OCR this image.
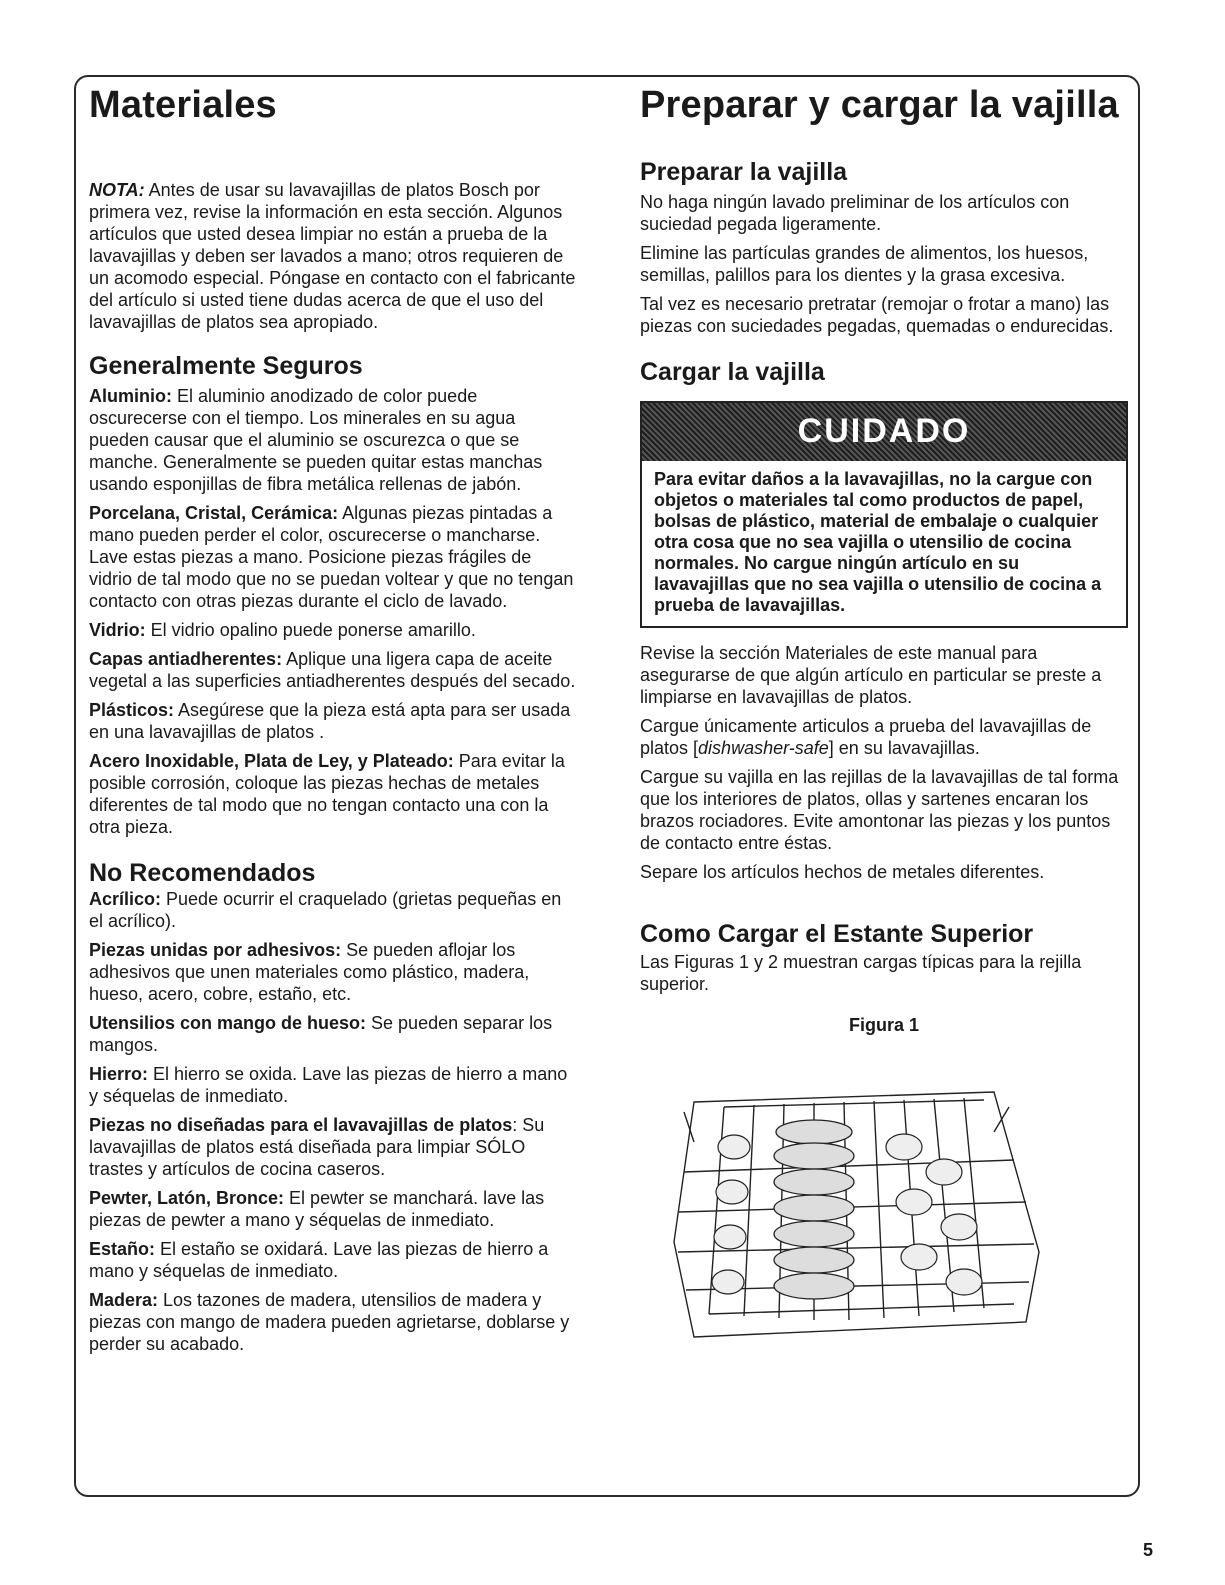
Materiales

NOTA: Antes de usar su lavavajillas de platos Bosch por primera vez, revise la información en esta sección. Algunos artículos que usted desea limpiar no están a prueba de la lavavajillas y deben ser lavados a mano; otros requieren de un acomodo especial. Póngase en contacto con el fabricante del artículo si usted tiene dudas acerca de que el uso del lavavajillas de platos sea apropiado.

Generalmente Seguros

Aluminio: El aluminio anodizado de color puede oscurecerse con el tiempo. Los minerales en su agua pueden causar que el aluminio se oscurezca o que se manche. Generalmente se pueden quitar estas manchas usando esponjillas de fibra metálica rellenas de jabón.

Porcelana, Cristal, Cerámica: Algunas piezas pintadas a mano pueden perder el color, oscurecerse o mancharse. Lave estas piezas a mano. Posicione piezas frágiles de vidrio de tal modo que no se puedan voltear y que no tengan contacto con otras piezas durante el ciclo de lavado.

Vidrio: El vidrio opalino puede ponerse amarillo.

Capas antiadherentes: Aplique una ligera capa de aceite vegetal a las superficies antiadherentes después del secado.

Plásticos: Asegúrese que la pieza está apta para ser usada en una lavavajillas de platos .

Acero Inoxidable, Plata de Ley, y Plateado: Para evitar la posible corrosión, coloque las piezas hechas de metales diferentes de tal modo que no tengan contacto una con la otra pieza.

No Recomendados

Acrílico: Puede ocurrir el craquelado (grietas pequeñas en el acrílico).

Piezas unidas por adhesivos: Se pueden aflojar los adhesivos que unen materiales como plástico, madera, hueso, acero, cobre, estaño, etc.

Utensilios con mango de hueso: Se pueden separar los mangos.

Hierro: El hierro se oxida. Lave las piezas de hierro a mano y séquelas de inmediato.

Piezas no diseñadas para el lavavajillas de platos: Su lavavajillas de platos está diseñada para limpiar SÓLO trastes y artículos de cocina caseros.

Pewter, Latón, Bronce: El pewter se manchará. lave las piezas de pewter a mano y séquelas de inmediato.

Estaño: El estaño se oxidará. Lave las piezas de hierro a mano y séquelas de inmediato.

Madera: Los tazones de madera, utensilios de madera y piezas con mango de madera pueden agrietarse, doblarse y perder su acabado.

Preparar y cargar la vajilla
Preparar la vajilla

No haga ningún lavado preliminar de los artículos con suciedad pegada ligeramente.

Elimine las partículas grandes de alimentos, los huesos, semillas, palillos para los dientes y la grasa excesiva.

Tal vez es necesario pretratar (remojar o frotar a mano) las piezas con suciedades pegadas, quemadas o endurecidas.

Cargar la vajilla
CUIDADO
Para evitar daños a la lavavajillas, no la cargue con objetos o materiales tal como productos de papel, bolsas de plástico, material de embalaje o cualquier otra cosa que no sea vajilla o utensilio de cocina normales. No cargue ningún artículo en su lavavajillas que no sea vajilla o utensilio de cocina a prueba de lavavajillas.

Revise la sección Materiales de este manual para asegurarse de que algún artículo en particular se preste a limpiarse en lavavajillas de platos.

Cargue únicamente articulos a prueba del lavavajillas de platos [dishwasher-safe] en su lavavajillas.

Cargue su vajilla en las rejillas de la lavavajillas de tal forma que los interiores de platos, ollas y sartenes encaran los brazos rociadores. Evite amontonar las piezas y los puntos de contacto entre éstas.

Separe los artículos hechos de metales diferentes.

Como Cargar el Estante Superior

Las Figuras 1 y 2 muestran cargas típicas para la rejilla superior.

Figura 1
5
